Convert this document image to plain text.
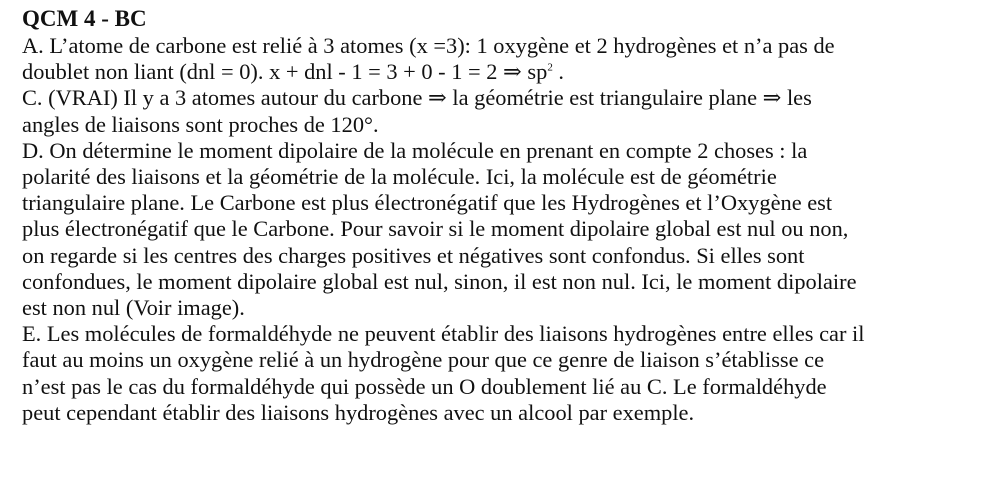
QCM 4 - BC
A. L’atome de carbone est relié à 3 atomes (x =3): 1 oxygène et 2 hydrogènes et n’a pas de
doublet non liant (dnl = 0). x + dnl - 1 = 3 + 0 - 1 = 2 ⇒ $sp^2$ .
C. (VRAI) Il y a 3 atomes autour du carbone ⇒ la géométrie est triangulaire plane ⇒ les
angles de liaisons sont proches de 120°.
D. On détermine le moment dipolaire de la molécule en prenant en compte 2 choses : la
polarité des liaisons et la géométrie de la molécule. Ici, la molécule est de géométrie
triangulaire plane. Le Carbone est plus électronégatif que les Hydrogènes et l’Oxygène est
plus électronégatif que le Carbone. Pour savoir si le moment dipolaire global est nul ou non,
on regarde si les centres des charges positives et négatives sont confondus. Si elles sont
confondues, le moment dipolaire global est nul, sinon, il est non nul. Ici, le moment dipolaire
est non nul (Voir image).
E. Les molécules de formaldéhyde ne peuvent établir des liaisons hydrogènes entre elles car il
faut au moins un oxygène relié à un hydrogène pour que ce genre de liaison s’établisse ce
n’est pas le cas du formaldéhyde qui possède un O doublement lié au C. Le formaldéhyde
peut cependant établir des liaisons hydrogènes avec un alcool par exemple.
